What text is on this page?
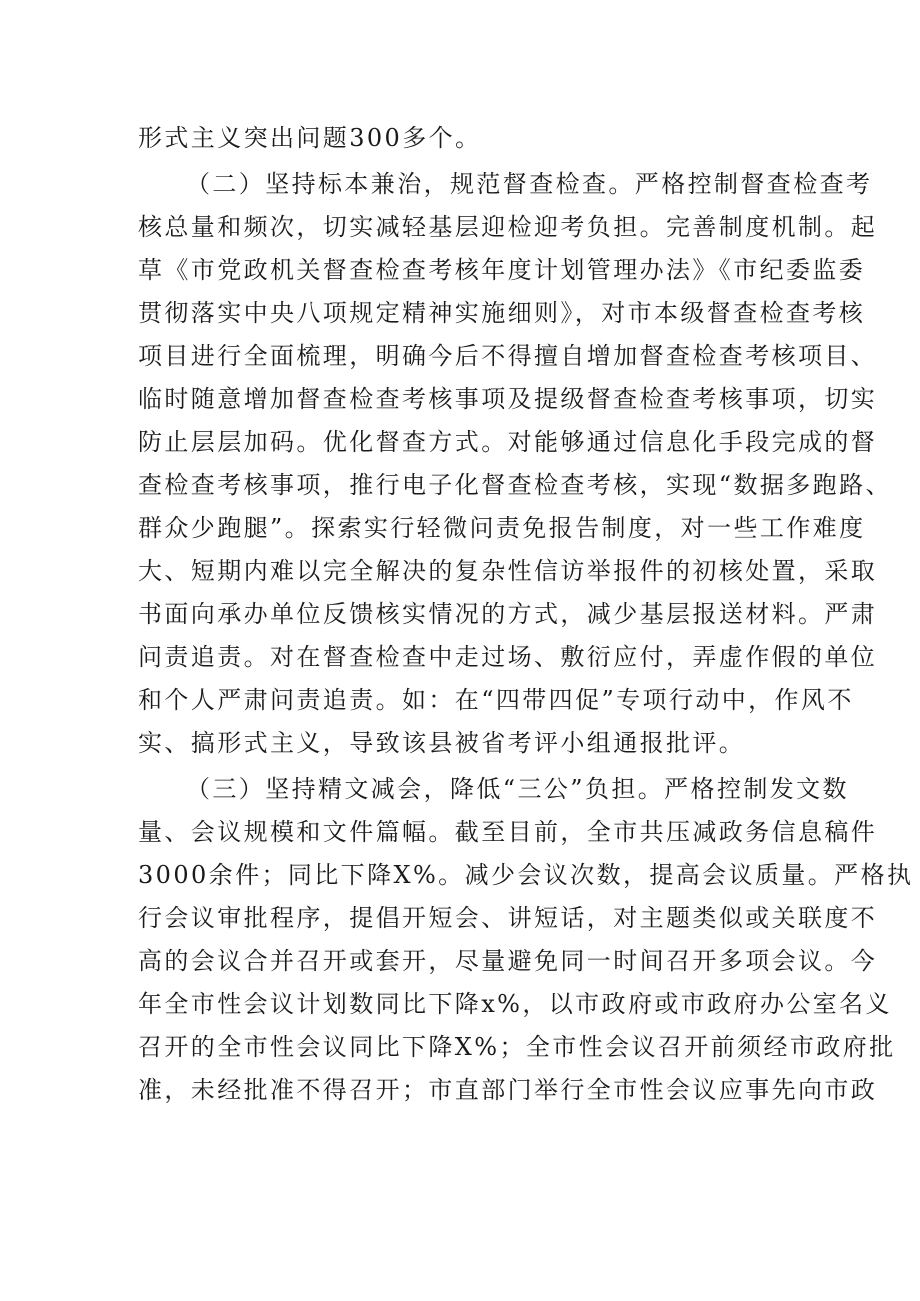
形式主义突出问题300多个。
（二）坚持标本兼治，规范督查检查。严格控制督查检查考
核总量和频次，切实减轻基层迎检迎考负担。完善制度机制。起
草《市党政机关督查检查考核年度计划管理办法》《市纪委监委
贯彻落实中央八项规定精神实施细则》，对市本级督查检查考核
项目进行全面梳理，明确今后不得擅自增加督查检查考核项目、
临时随意增加督查检查考核事项及提级督查检查考核事项，切实
防止层层加码。优化督查方式。对能够通过信息化手段完成的督
查检查考核事项，推行电子化督查检查考核，实现“数据多跑路、
群众少跑腿”。探索实行轻微问责免报告制度，对一些工作难度
大、短期内难以完全解决的复杂性信访举报件的初核处置，采取
书面向承办单位反馈核实情况的方式，减少基层报送材料。严肃
问责追责。对在督查检查中走过场、敷衍应付，弄虚作假的单位
和个人严肃问责追责。如：在“四带四促”专项行动中，作风不
实、搞形式主义，导致该县被省考评小组通报批评。
（三）坚持精文减会，降低“三公”负担。严格控制发文数
量、会议规模和文件篇幅。截至目前，全市共压减政务信息稿件
3000余件；同比下降X%。减少会议次数，提高会议质量。严格执
行会议审批程序，提倡开短会、讲短话，对主题类似或关联度不
高的会议合并召开或套开，尽量避免同一时间召开多项会议。今
年全市性会议计划数同比下降x%，以市政府或市政府办公室名义
召开的全市性会议同比下降X%；全市性会议召开前须经市政府批
准，未经批准不得召开；市直部门举行全市性会议应事先向市政
